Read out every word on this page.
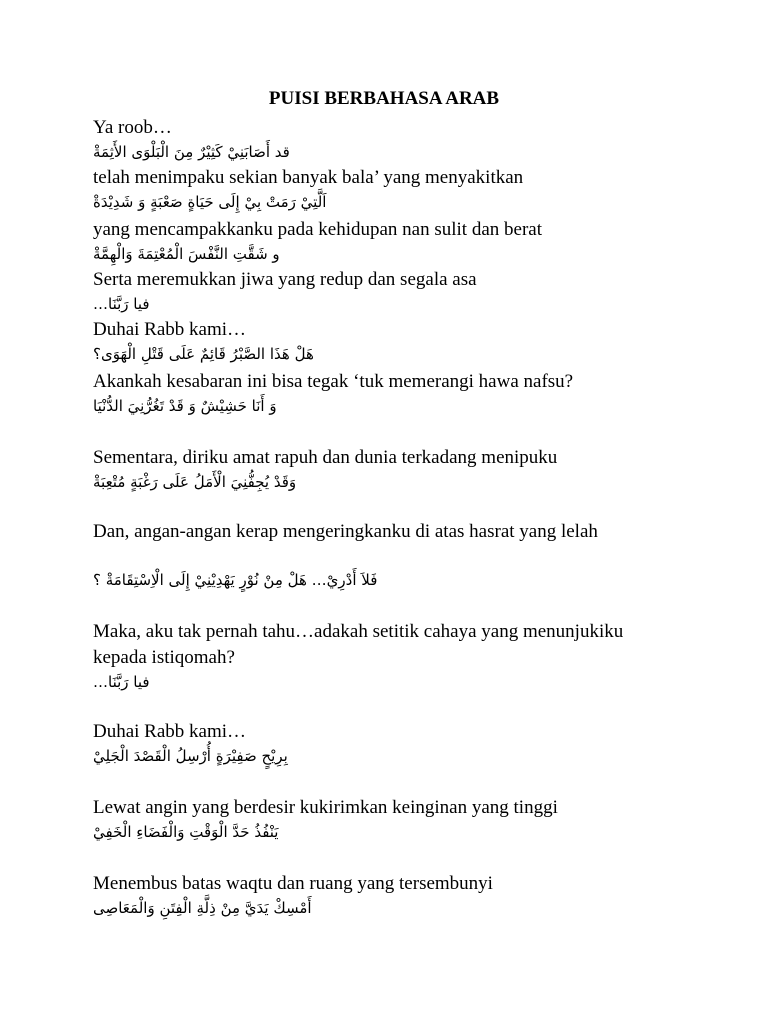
PUISI BERBAHASA ARAB
Ya roob…
قد أَصَابَنِيْ كَثِيْرٌ مِنَ الْبَلْوَى الأَثِمَةْ
telah menimpaku sekian banyak bala’ yang menyakitkan
اَلَّتِيْ رَمَتْ بِيْ إِلَى حَيَاةٍ صَعْبَةٍ وَ شَدِيْدَةْ
yang mencampakkanku pada kehidupan nan sulit dan berat
و شَقَّتِ النَّفْسَ الْمُعْتِمَةَ وَالْهِمَّةْ
Serta meremukkan jiwa yang redup dan segala asa
فيا رَبَّنَا…
Duhai Rabb kami…
هَلْ هَذَا الصَّبْرُ قَائِمٌ عَلَى قَتْلِ الْهَوَى؟
Akankah kesabaran ini bisa tegak ‘tuk memerangi hawa nafsu?
وَ أَنَا حَشِيْشٌ وَ قَدْ تَغُرُّنِيَ الدُّنْيَا
Sementara, diriku amat rapuh dan dunia terkadang menipuku
وَقَدْ يُجِفُّنِيَ الْأَمَلُ عَلَى رَغْبَةٍ مُتْعِبَةْ
Dan, angan-angan kerap mengeringkanku di atas hasrat yang lelah
فَلاَ أَدْرِيْ… هَلْ مِنْ نُوْرٍ يَهْدِيْنِيْ إِلَى الْاِسْتِقَامَةْ ؟
Maka, aku tak pernah tahu…adakah setitik cahaya yang menunjukiku
kepada istiqomah?
فيا رَبَّنَا…
Duhai Rabb kami…
بِرِيْحٍ صَفِيْرَةٍ أُرْسِلُ الْقَصْدَ الْجَلِيْ
Lewat angin yang berdesir kukirimkan keinginan yang tinggi
يَنْفُذُ حَدَّ الْوَقْتِ وَالْفَضَاءِ الْخَفِيْ
Menembus batas waqtu dan ruang yang tersembunyi
أَمْسِكْ يَدَيَّ مِنْ ذِلَّةِ الْفِتَنِ وَالْمَعَاصِى
